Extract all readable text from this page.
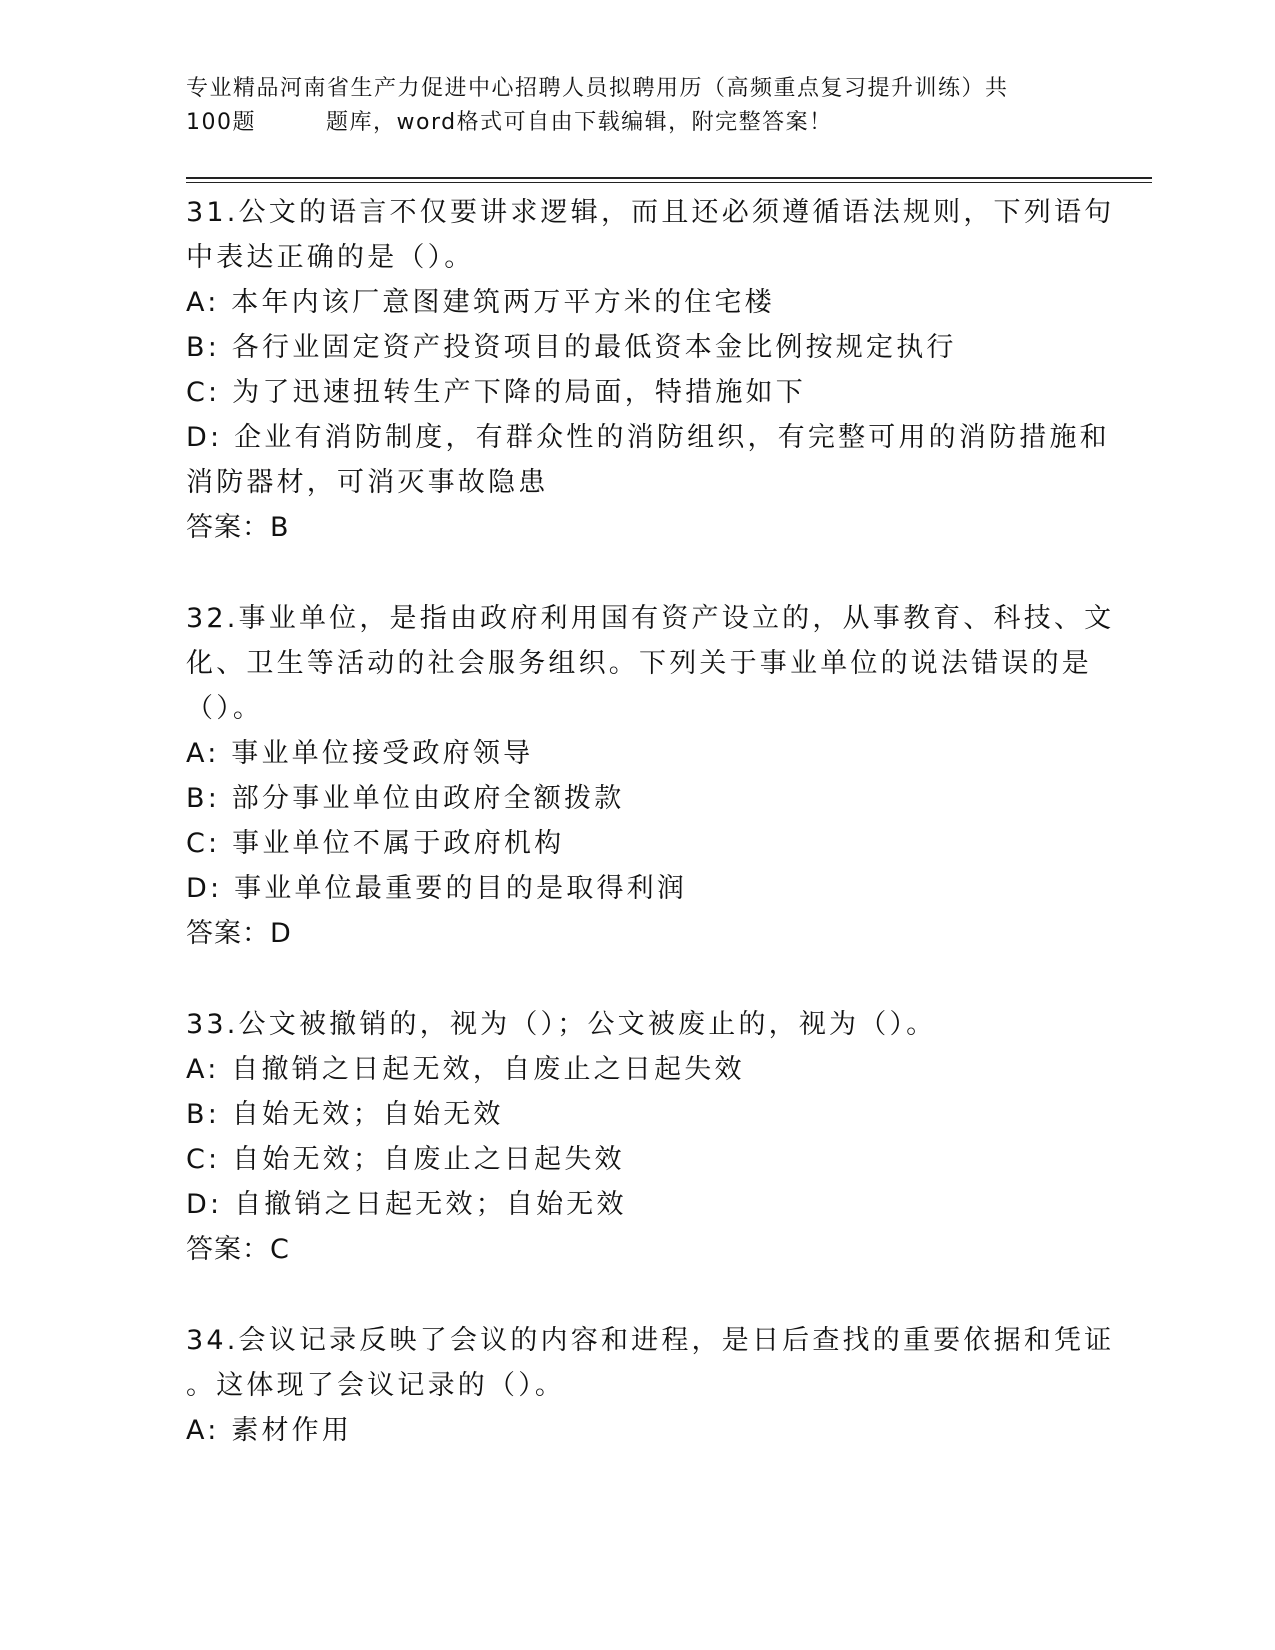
专业精品河南省生产力促进中心招聘人员拟聘用历（高频重点复习提升训练）共
100题	题库，word格式可自由下载编辑，附完整答案！
31.公文的语言不仅要讲求逻辑，而且还必须遵循语法规则，下列语句
中表达正确的是（）。
A: 本年内该厂意图建筑两万平方米的住宅楼
B: 各行业固定资产投资项目的最低资本金比例按规定执行
C: 为了迅速扭转生产下降的局面，特措施如下
D: 企业有消防制度，有群众性的消防组织，有完整可用的消防措施和
消防器材，可消灭事故隐患
答案：B
32.事业单位，是指由政府利用国有资产设立的，从事教育、科技、文
化、卫生等活动的社会服务组织。下列关于事业单位的说法错误的是
（）。
A: 事业单位接受政府领导
B: 部分事业单位由政府全额拨款
C: 事业单位不属于政府机构
D: 事业单位最重要的目的是取得利润
答案：D
33.公文被撤销的，视为（）；公文被废止的，视为（）。
A: 自撤销之日起无效，自废止之日起失效
B: 自始无效；自始无效
C: 自始无效；自废止之日起失效
D: 自撤销之日起无效；自始无效
答案：C
34.会议记录反映了会议的内容和进程，是日后查找的重要依据和凭证
。这体现了会议记录的（）。
A: 素材作用
